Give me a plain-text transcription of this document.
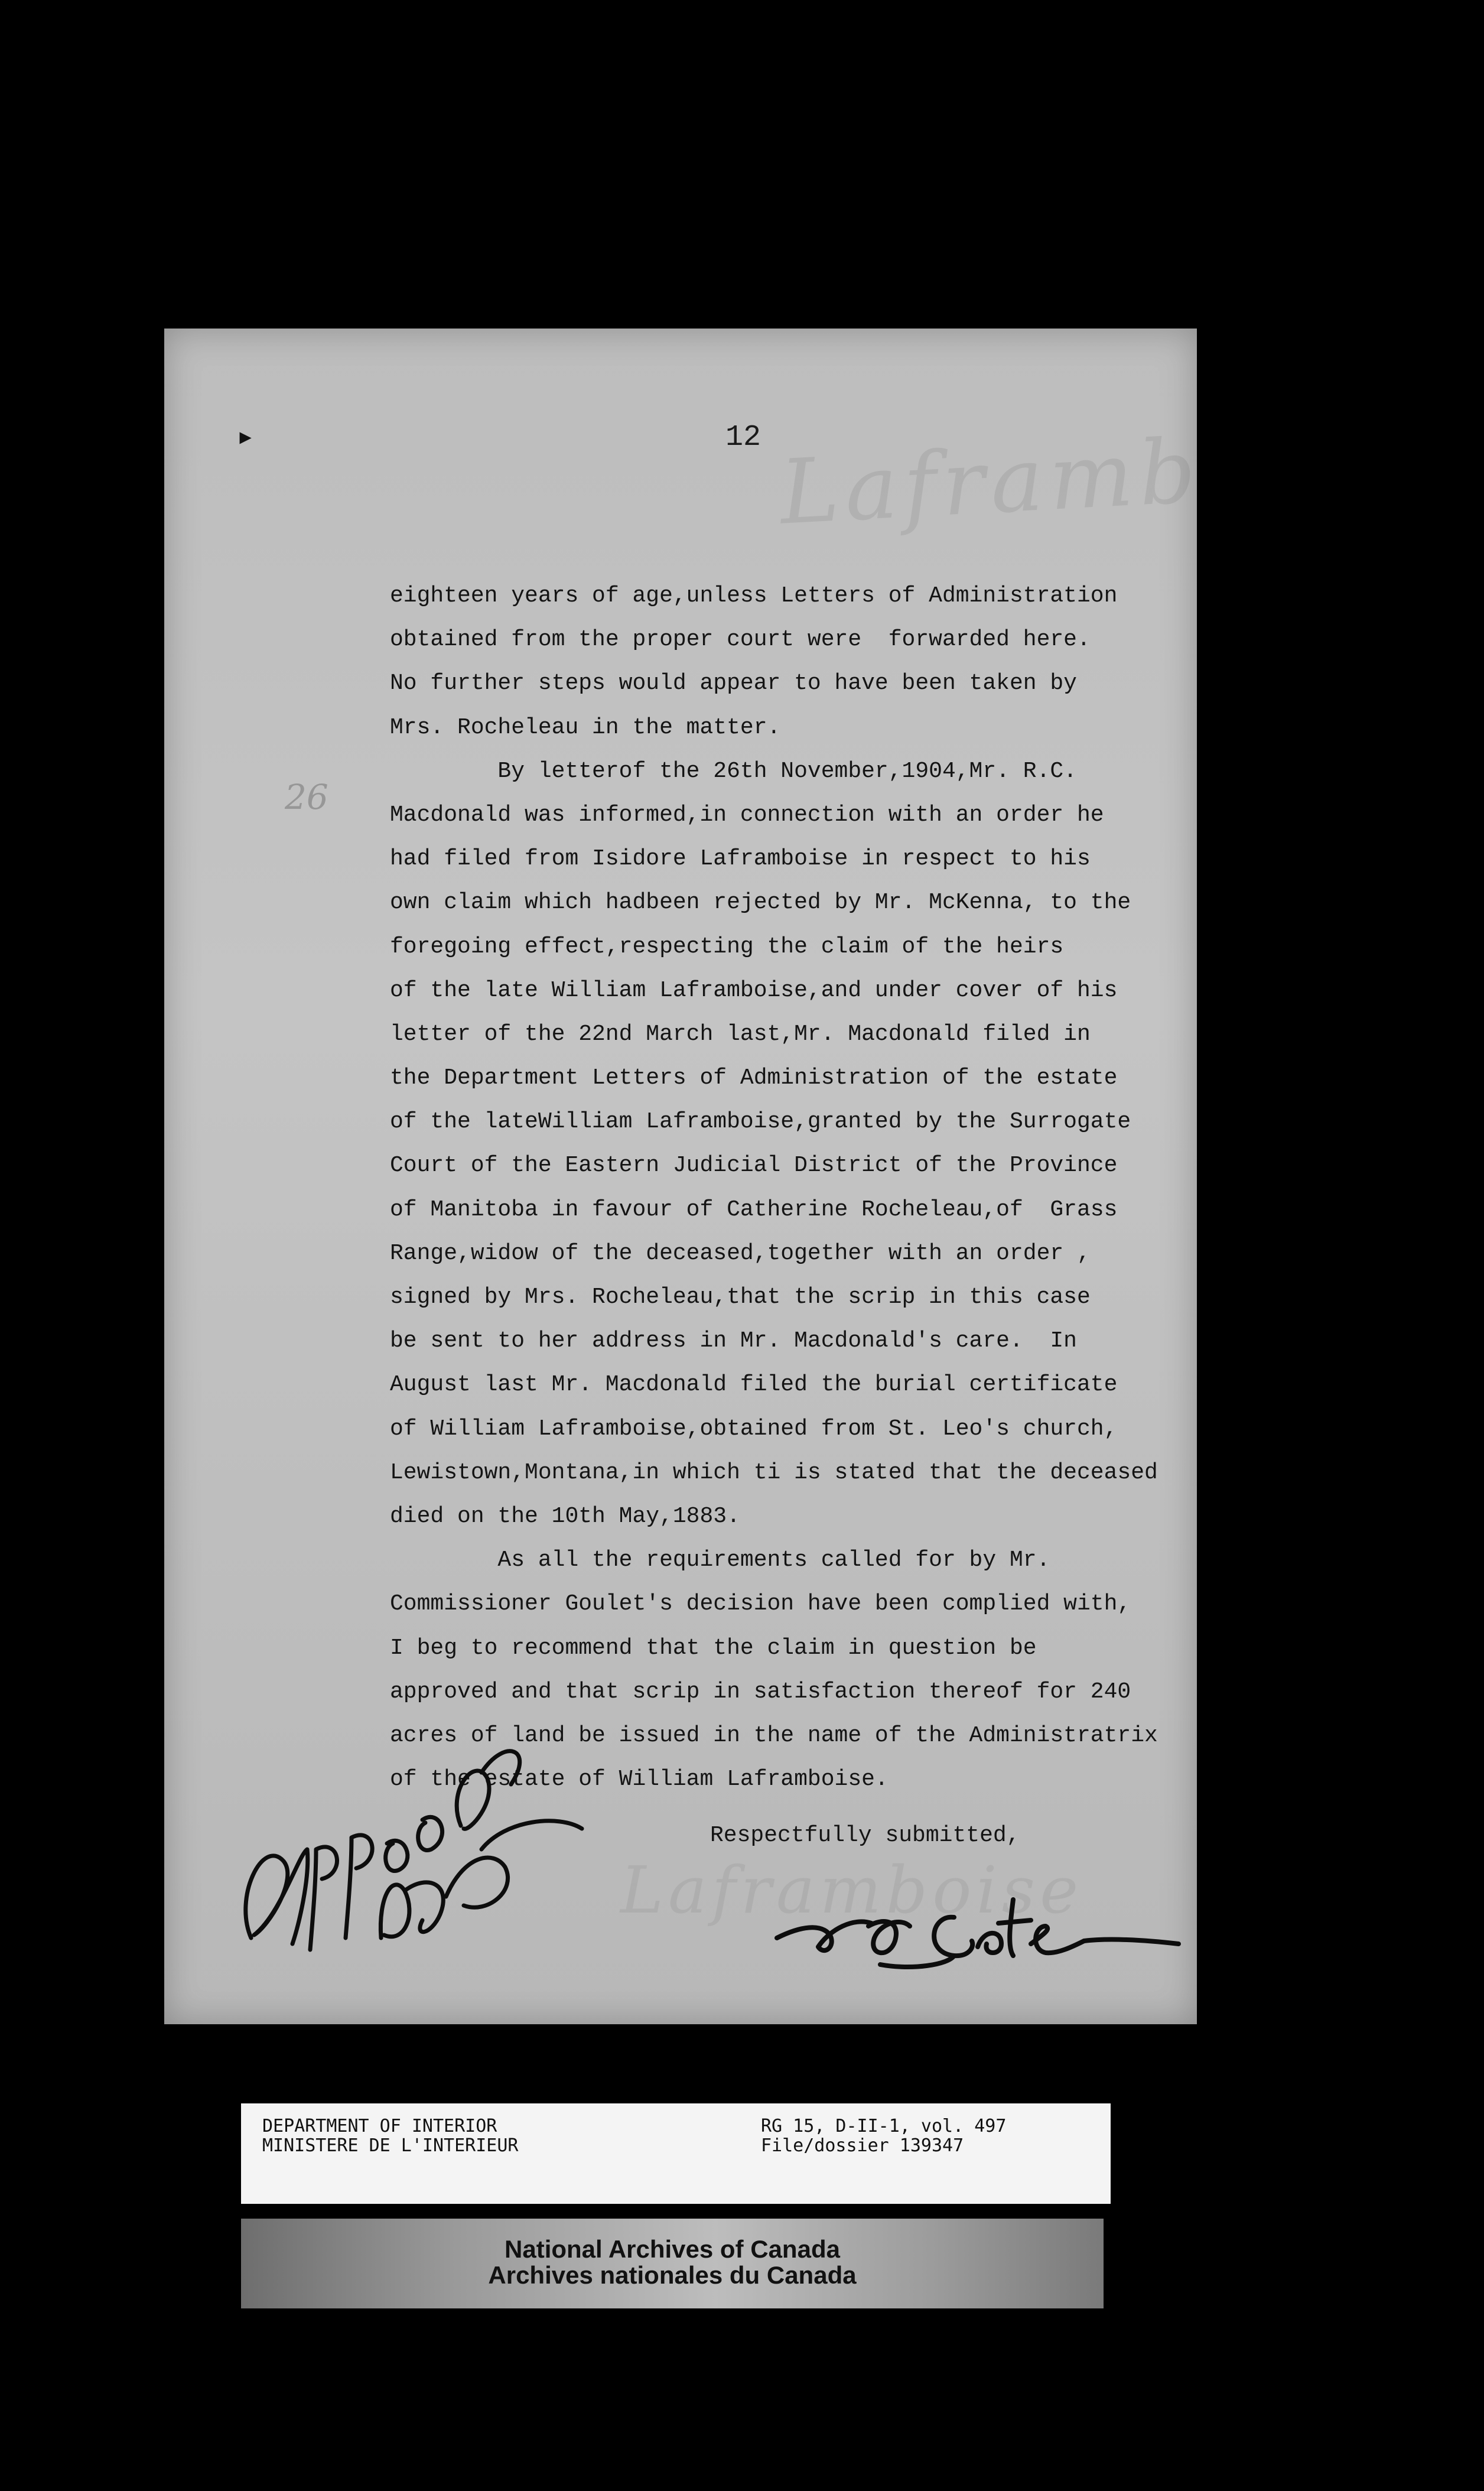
Laframboise
Laframboise
▸	12
26
eighteen years of age,unless Letters of Administration
obtained from the proper court were  forwarded here.
No further steps would appear to have been taken by
Mrs. Rocheleau in the matter.
By letterof the 26th November,1904,Mr. R.C.
Macdonald was informed,in connection with an order he
had filed from Isidore Laframboise in respect to his
own claim which hadbeen rejected by Mr. McKenna, to the
foregoing effect,respecting the claim of the heirs
of the late William Laframboise,and under cover of his
letter of the 22nd March last,Mr. Macdonald filed in
the Department Letters of Administration of the estate
of the lateWilliam Laframboise,granted by the Surrogate
Court of the Eastern Judicial District of the Province
of Manitoba in favour of Catherine Rocheleau,of  Grass
Range,widow of the deceased,together with an order ,
signed by Mrs. Rocheleau,that the scrip in this case
be sent to her address in Mr. Macdonald's care.  In
August last Mr. Macdonald filed the burial certificate
of William Laframboise,obtained from St. Leo's church,
Lewistown,Montana,in which ti is stated that the deceased
died on the 10th May,1883.
As all the requirements called for by Mr.
Commissioner Goulet's decision have been complied with,
I beg to recommend that the claim in question be
approved and that scrip in satisfaction thereof for 240
acres of land be issued in the name of the Administratrix
of the estate of William Laframboise.
Respectfully submitted,
DEPARTMENT OF INTERIOR
MINISTERE DE L'INTERIEUR
RG 15, D-II-1, vol. 497
File/dossier 139347
National Archives of Canada
Archives nationales du Canada
